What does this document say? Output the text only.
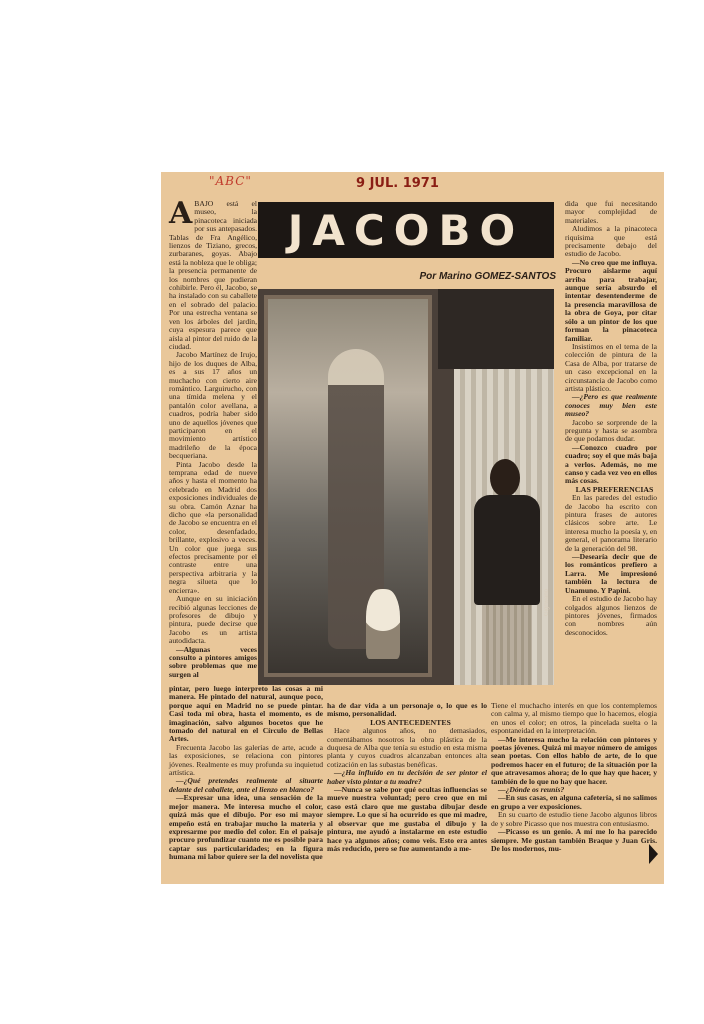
"ABC"	9 JUL. 1971

ABAJO está el museo, la pinacoteca iniciada por sus antepasados. Tablas de Fra Angélico, lienzos de Tiziano, grecos, zurbaranes, goyas. Abajo está la nobleza que le obliga; la presencia permanente de los nombres que pudieran cohibirle. Pero él, Jacobo, se ha instalado con su caballete en el sobrado del palacio. Por una estrecha ventana se ven los árboles del jardín, cuya espesura parece que aísla al pintor del ruido de la ciudad.

Jacobo Martínez de Irujo, hijo de los duques de Alba, es a sus 17 años un muchacho con cierto aire romántico. Larguirucho, con una tímida melena y el pantalón color avellana, a cuadros, podría haber sido uno de aquellos jóvenes que participaron en el movimiento artístico madrileño de la época becqueriana.

Pinta Jacobo desde la temprana edad de nueve años y hasta el momento ha celebrado en Madrid dos exposiciones individuales de su obra. Camón Aznar ha dicho que «la personalidad de Jacobo se encuentra en el color, desenfadado, brillante, explosivo a veces. Un color que juega sus efectos precisamente por el contraste entre una perspectiva arbitraria y la negra silueta que lo encierra».

Aunque en su iniciación recibió algunas lecciones de profesores de dibujo y pintura, puede decirse que Jacobo es un artista autodidacta.

—Algunas veces consulto a pintores amigos sobre problemas que me surgen al

JACOBO
Por Marino GOMEZ-SANTOS
Gigriwano

dida que fui necesitando mayor complejidad de materiales.

Aludimos a la pinacoteca riquísima que está precisamente debajo del estudio de Jacobo.

—No creo que me influya. Procuro aislarme aquí arriba para trabajar, aunque sería absurdo el intentar desentenderme de la presencia maravillosa de la obra de Goya, por citar sólo a un pintor de los que forman la pinacoteca familiar.

Insistimos en el tema de la colección de pintura de la Casa de Alba, por tratarse de un caso excepcional en la circunstancia de Jacobo como artista plástico.

—¿Pero es que realmente conoces muy bien este museo?

Jacobo se sorprende de la pregunta y hasta se asombra de que podamos dudar.

—Conozco cuadro por cuadro; soy el que más baja a verlos. Además, no me canso y cada vez veo en ellos más cosas.

LAS PREFERENCIAS

En las paredes del estudio de Jacobo ha escrito con pintura frases de autores clásicos sobre arte. Le interesa mucho la poesía y, en general, el panorama literario de la generación del 98.

—Desearía decir que de los románticos prefiero a Larra. Me impresionó también la lectura de Unamuno. Y Papini.

En el estudio de Jacobo hay colgados algunos lienzos de pintores jóvenes, firmados con nombres aún desconocidos.

pintar, pero luego interpreto las cosas a mi manera. He pintado del natural, aunque poco, porque aquí en Madrid no se puede pintar. Casi toda mi obra, hasta el momento, es de imaginación, salvo algunos bocetos que he tomado del natural en el Círculo de Bellas Artes.

Frecuenta Jacobo las galerías de arte, acude a las exposiciones, se relaciona con pintores jóvenes. Realmente es muy profunda su inquietud artística.

—¿Qué pretendes realmente al situarte delante del caballete, ante el lienzo en blanco?

—Expresar una idea, una sensación de la mejor manera. Me interesa mucho el color, quizá más que el dibujo. Por eso mi mayor empeño está en trabajar mucho la materia y expresarme por medio del color. En el paisaje procuro profundizar cuanto me es posible para captar sus particularidades; en la figura humana mi labor quiere ser la del novelista que

ha de dar vida a un personaje o, lo que es lo mismo, personalidad.

LOS ANTECEDENTES

Hace algunos años, no demasiados, comentábamos nosotros la obra plástica de la duquesa de Alba que tenía su estudio en esta misma planta y cuyos cuadros alcanzaban entonces alta cotización en las subastas benéficas.

—¿Ha influido en tu decisión de ser pintor el haber visto pintar a tu madre?

—Nunca se sabe por qué ocultas influencias se mueve nuestra voluntad; pero creo que en mi caso está claro que me gustaba dibujar desde siempre. Lo que sí ha ocurrido es que mi madre, al observar que me gustaba el dibujo y la pintura, me ayudó a instalarme en este estudio hace ya algunos años; como veis. Esto era antes más reducido, pero se fue aumentando a me-

Tiene el muchacho interés en que los contemplemos con calma y, al mismo tiempo que lo hacemos, elogia en unos el color; en otros, la pincelada suelta o la espontaneidad en la interpretación.

—Me interesa mucho la relación con pintores y poetas jóvenes. Quizá mi mayor número de amigos sean poetas. Con ellos hablo de arte, de lo que podremos hacer en el futuro; de la situación por la que atravesamos ahora; de lo que hay que hacer, y también de lo que no hay que hacer.

—¿Dónde os reunís?

—En sus casas, en alguna cafetería, si no salimos en grupo a ver exposiciones.

En su cuarto de estudio tiene Jacobo algunos libros de y sobre Picasso que nos muestra con entusiasmo.

—Picasso es un genio. A mí me lo ha parecido siempre. Me gustan también Braque y Juan Gris. De los modernos, mu-
